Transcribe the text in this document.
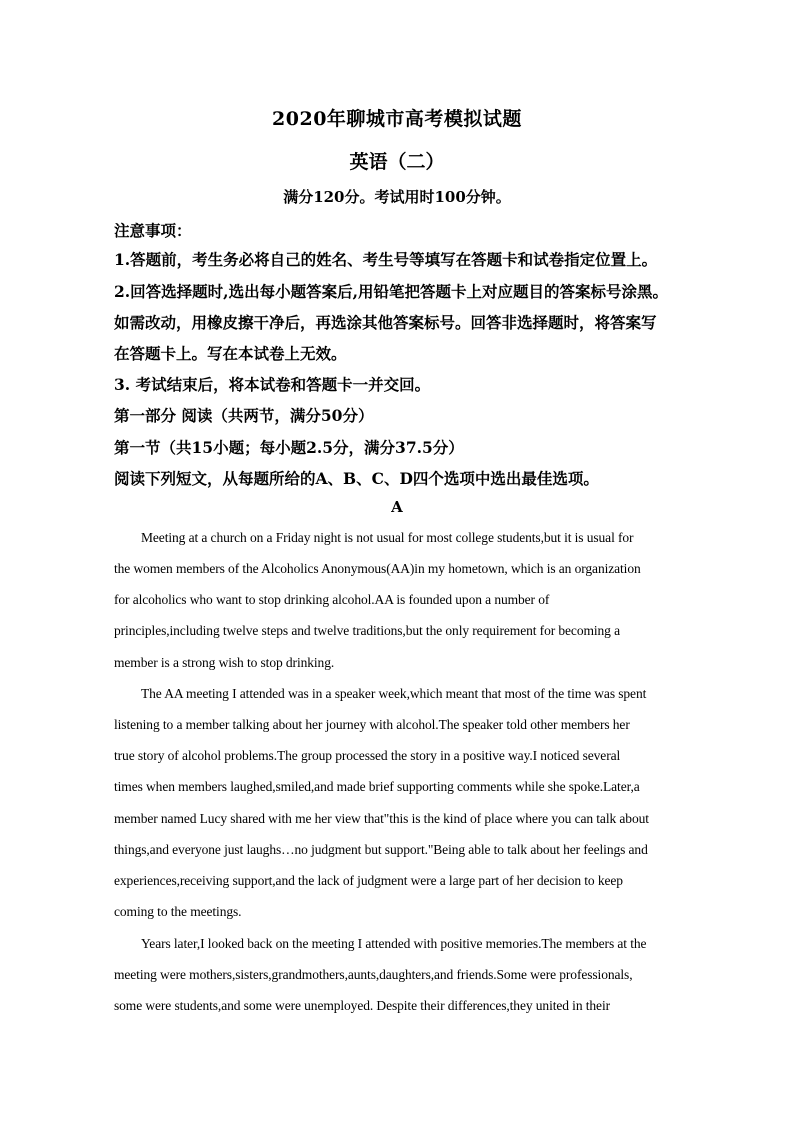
2020年聊城市高考模拟试题
英语（二）
满分120分。考试用时100分钟。
注意事项：
1.答题前，考生务必将自己的姓名、考生号等填写在答题卡和试卷指定位置上。
2.回答选择题时,选出每小题答案后,用铅笔把答题卡上对应题目的答案标号涂黑。
如需改动，用橡皮擦干净后，再选涂其他答案标号。回答非选择题时，将答案写
在答题卡上。写在本试卷上无效。
3. 考试结束后，将本试卷和答题卡一并交回。
第一部分 阅读（共两节，满分50分）
第一节（共15小题；每小题2.5分，满分37.5分）
阅读下列短文，从每题所给的A、B、C、D四个选项中选出最佳选项。
A
Meeting at a church on a Friday night is not usual for most college students,but it is usual for
the women members of the Alcoholics Anonymous(AA)in my hometown, which is an organization
for alcoholics who want to stop drinking alcohol.AA is founded upon a number of
principles,including twelve steps and twelve traditions,but the only requirement for becoming a
member is a strong wish to stop drinking.
The AA meeting I attended was in a speaker week,which meant that most of the time was spent
listening to a member talking about her journey with alcohol.The speaker told other members her
true story of alcohol problems.The group processed the story in a positive way.I noticed several
times when members laughed,smiled,and made brief supporting comments while she spoke.Later,a
member named Lucy shared with me her view that"this is the kind of place where you can talk about
things,and everyone just laughs…no judgment but support."Being able to talk about her feelings and
experiences,receiving support,and the lack of judgment were a large part of her decision to keep
coming to the meetings.
Years later,I looked back on the meeting I attended with positive memories.The members at the
meeting were mothers,sisters,grandmothers,aunts,daughters,and friends.Some were professionals,
some were students,and some were unemployed. Despite their differences,they united in their
